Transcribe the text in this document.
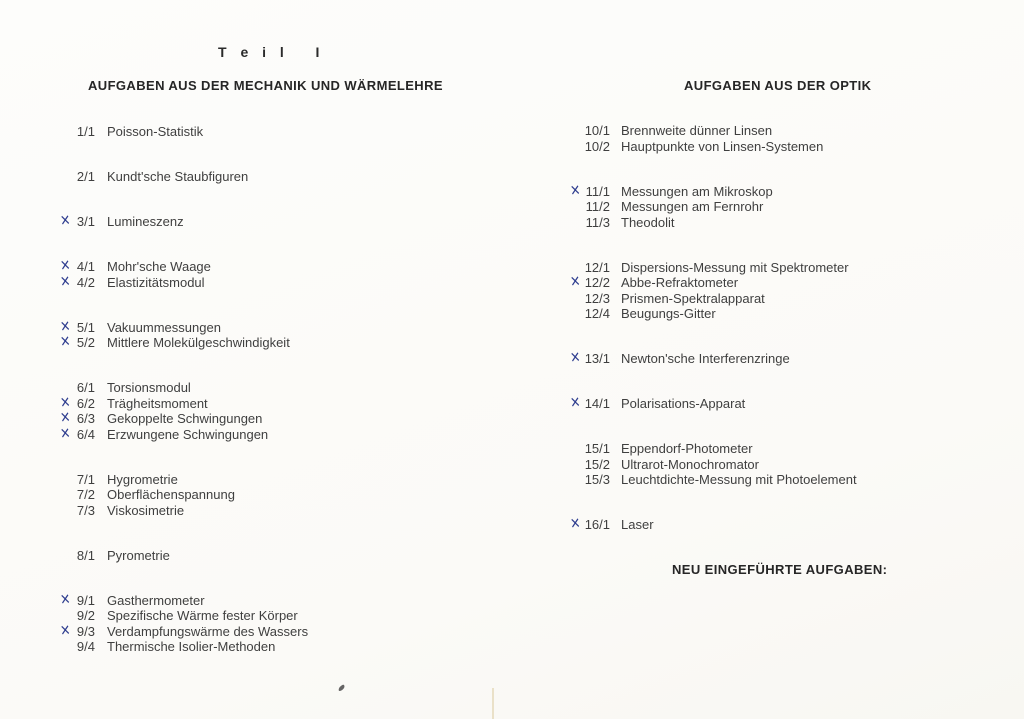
T e i l   I
AUFGABEN AUS DER MECHANIK UND WÄRMELEHRE
1/1 Poisson-Statistik
2/1 Kundt'sche Staubfiguren
× 3/1 Lumineszenz
× 4/1 Mohr'sche Waage
× 4/2 Elastizitätsmodul
× 5/1 Vakuummessungen
× 5/2 Mittlere Molekülgeschwindigkeit
6/1 Torsionsmodul
× 6/2 Trägheitsmoment
× 6/3 Gekoppelte Schwingungen
× 6/4 Erzwungene Schwingungen
7/1 Hygrometrie
7/2 Oberflächenspannung
7/3 Viskosimetrie
8/1 Pyrometrie
× 9/1 Gasthermometer
9/2 Spezifische Wärme fester Körper
× 9/3 Verdampfungswärme des Wassers
9/4 Thermische Isolier-Methoden
AUFGABEN AUS DER OPTIK
10/1 Brennweite dünner Linsen
10/2 Hauptpunkte von Linsen-Systemen
× 11/1 Messungen am Mikroskop
11/2 Messungen am Fernrohr
11/3 Theodolit
12/1 Dispersions-Messung mit Spektrometer
× 12/2 Abbe-Refraktometer
12/3 Prismen-Spektralapparat
12/4 Beugungs-Gitter
× 13/1 Newton'sche Interferenzringe
× 14/1 Polarisations-Apparat
15/1 Eppendorf-Photometer
15/2 Ultrarot-Monochromator
15/3 Leuchtdichte-Messung mit Photoelement
× 16/1 Laser
NEU EINGEFÜHRTE AUFGABEN:
